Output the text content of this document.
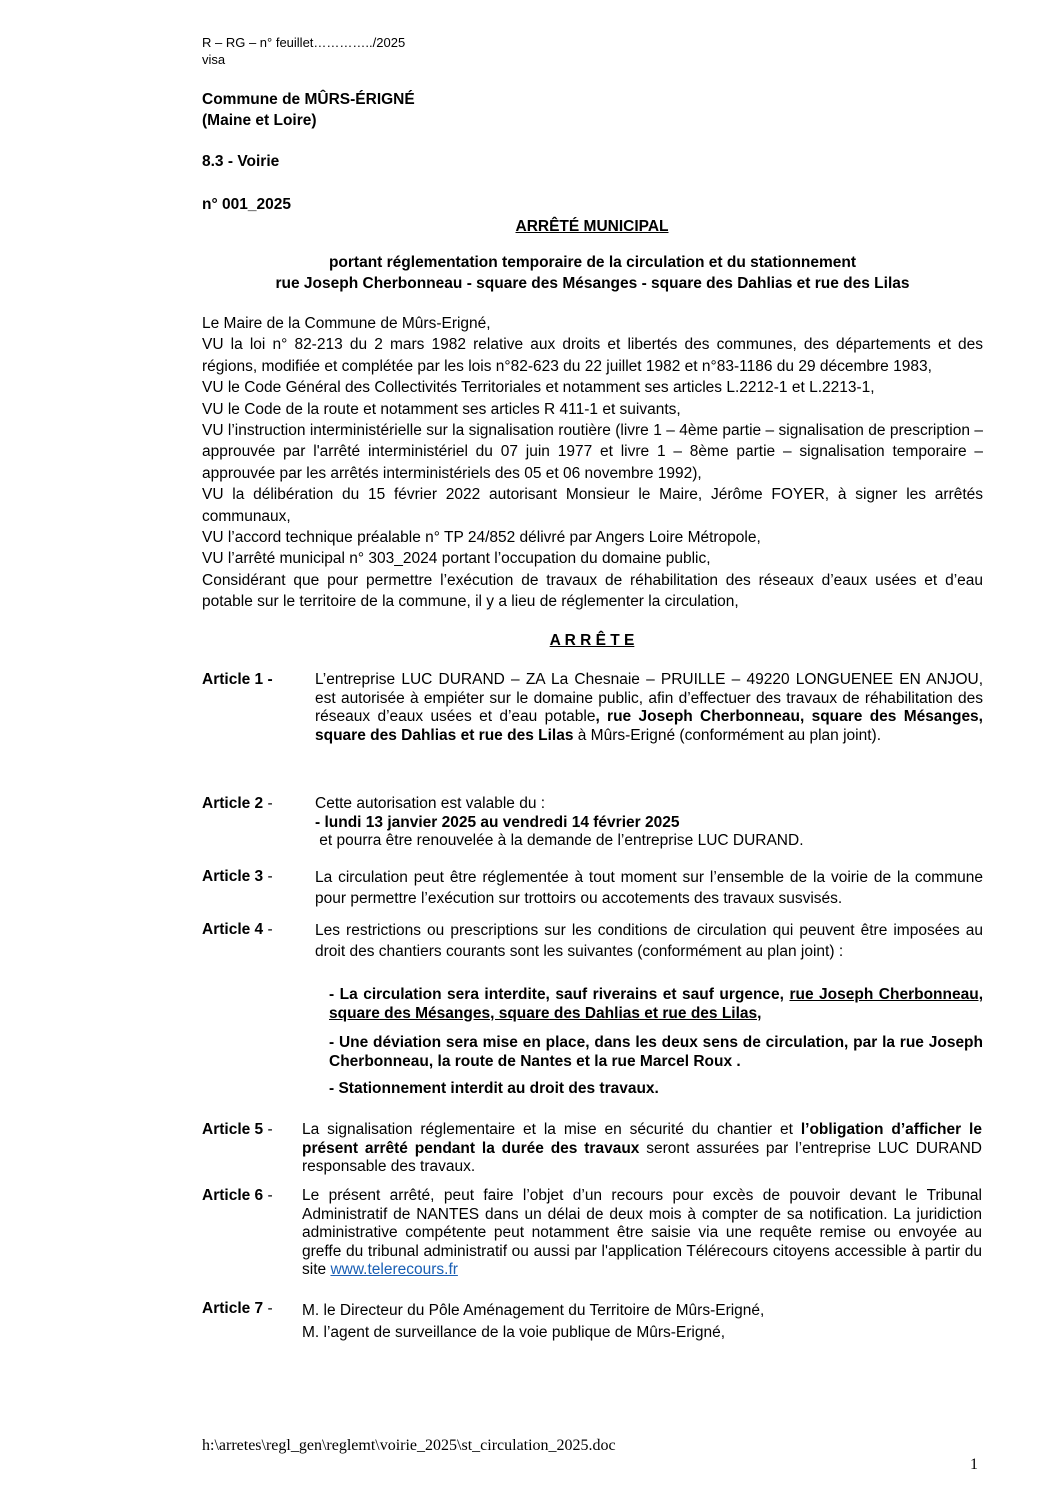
R – RG – n° feuillet…………../2025
visa
Commune de MÛRS-ÉRIGNÉ
(Maine et Loire)
8.3 - Voirie
n° 001_2025
ARRÊTÉ MUNICIPAL
portant réglementation temporaire de la circulation et du stationnement
rue Joseph Cherbonneau - square des Mésanges - square des Dahlias et rue des Lilas

Le Maire de la Commune de Mûrs-Erigné,

VU la loi n° 82-213 du 2 mars 1982 relative aux droits et libertés des communes, des départements et des régions, modifiée et complétée par les lois n°82-623 du 22 juillet 1982 et n°83-1186 du 29 décembre 1983,

VU le Code Général des Collectivités Territoriales et notamment ses articles L.2212-1 et L.2213-1,

VU le Code de la route et notamment ses articles R 411-1 et suivants,

VU l’instruction interministérielle sur la signalisation routière (livre 1 – 4ème partie – signalisation de prescription – approuvée par l'arrêté interministériel du 07 juin 1977 et livre 1 – 8ème partie – signalisation temporaire – approuvée par les arrêtés interministériels des 05 et 06 novembre 1992),

VU la délibération du 15 février 2022 autorisant Monsieur le Maire, Jérôme FOYER, à signer les arrêtés communaux,

VU l’accord technique préalable n° TP 24/852 délivré par Angers Loire Métropole,

VU l’arrêté municipal n° 303_2024 portant l’occupation du domaine public,

Considérant que pour permettre l’exécution de travaux de réhabilitation des réseaux d’eaux usées et d’eau potable sur le territoire de la commune, il y a lieu de réglementer la circulation,

A R R Ê T E
Article 1 -	L’entreprise LUC DURAND – ZA La Chesnaie – PRUILLE – 49220 LONGUENEE EN ANJOU, est autorisée à empiéter sur le domaine public, afin d’effectuer des travaux de réhabilitation des réseaux d’eaux usées et d’eau potable, rue Joseph Cherbonneau, square des Mésanges, square des Dahlias et rue des Lilas à Mûrs-Erigné (conformément au plan joint).
Article 2 -	Cette autorisation est valable du :

- lundi 13 janvier 2025 au vendredi 14 février 2025

et pourra être renouvelée à la demande de l’entreprise LUC DURAND.

Article 3 -	La circulation peut être réglementée à tout moment sur l’ensemble de la voirie de la commune pour permettre l’exécution sur trottoirs ou accotements des travaux susvisés.
Article 4 -	Les restrictions ou prescriptions sur les conditions de circulation qui peuvent être imposées au droit des chantiers courants sont les suivantes (conformément au plan joint) :
- La circulation sera interdite, sauf riverains et sauf urgence, rue Joseph Cherbonneau, square des Mésanges, square des Dahlias et rue des Lilas,
- Une déviation sera mise en place, dans les deux sens de circulation, par la rue Joseph Cherbonneau, la route de Nantes et la rue Marcel Roux .
- Stationnement interdit au droit des travaux.
Article 5 - La signalisation réglementaire et la mise en sécurité du chantier et l’obligation d’afficher le présent arrêté pendant la durée des travaux seront assurées par l’entreprise LUC DURAND responsable des travaux.
Article 6 - Le présent arrêté, peut faire l’objet d’un recours pour excès de pouvoir devant le Tribunal Administratif de NANTES dans un délai de deux mois à compter de sa notification. La juridiction administrative compétente peut notamment être saisie via une requête remise ou envoyée au greffe du tribunal administratif ou aussi par l'application Télérecours citoyens accessible à partir du site www.telerecours.fr
Article 7 - M. le Directeur du Pôle Aménagement du Territoire de Mûrs-Erigné,

M. l’agent de surveillance de la voie publique de Mûrs-Erigné,

h:\arretes\regl_gen\reglemt\voirie_2025\st_circulation_2025.doc
1
